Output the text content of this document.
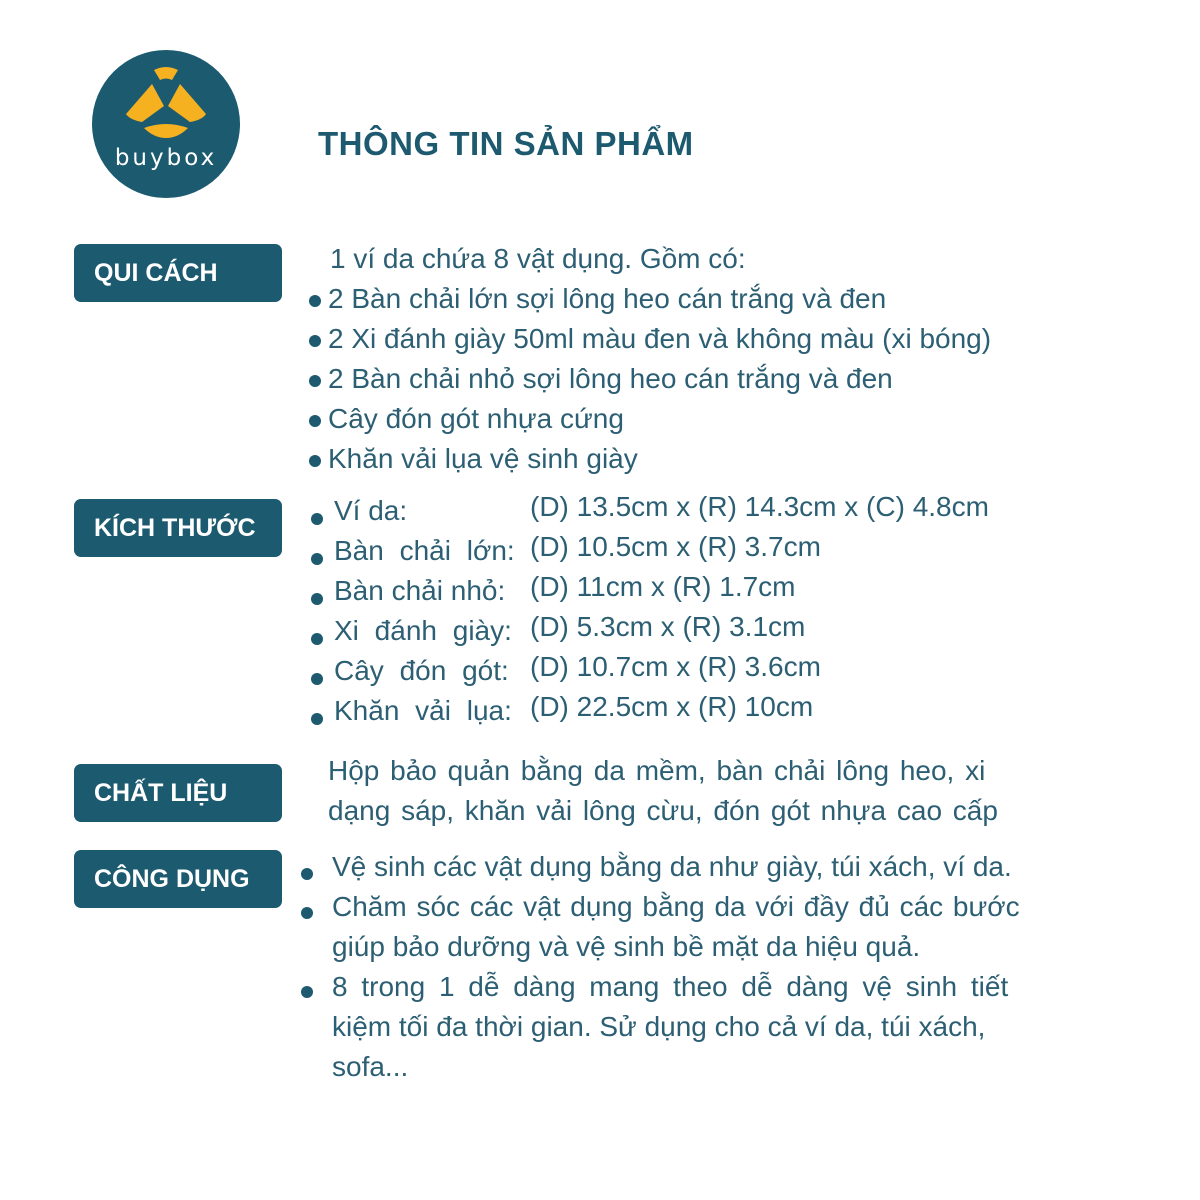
buybox	THÔNG TIN SẢN PHẨM
QUI CÁCH	1 ví da chứa 8 vật dụng. Gồm có:
2 Bàn chải lớn sợi lông heo cán trắng và đen
2 Xi đánh giày 50ml màu đen và không màu (xi bóng)
2 Bàn chải nhỏ sợi lông heo cán trắng và đen
Cây đón gót nhựa cứng
Khăn vải lụa vệ sinh giày
KÍCH THƯỚC
Ví da:	(D) 13.5cm x (R) 14.3cm x (C) 4.8cm
Bàn chải lớn: (D) 10.5cm x (R) 3.7cm
Bàn chải nhỏ: (D) 11cm x (R) 1.7cm
Xi đánh giày: (D) 5.3cm x (R) 3.1cm
Cây đón gót: (D) 10.7cm x (R) 3.6cm
Khăn vải lụa: (D) 22.5cm x (R) 10cm
CHẤT LIỆU
Hộp bảo quản bằng da mềm, bàn chải lông heo, xi
dạng sáp, khăn vải lông cừu, đón gót nhựa cao cấp
CÔNG DỤNG	Vệ sinh các vật dụng bằng da như giày, túi xách, ví da.
Chăm sóc các vật dụng bằng da với đầy đủ các bước
giúp bảo dưỡng và vệ sinh bề mặt da hiệu quả.
8 trong 1 dễ dàng mang theo dễ dàng vệ sinh tiết
kiệm tối đa thời gian. Sử dụng cho cả ví da, túi xách,
sofa...
